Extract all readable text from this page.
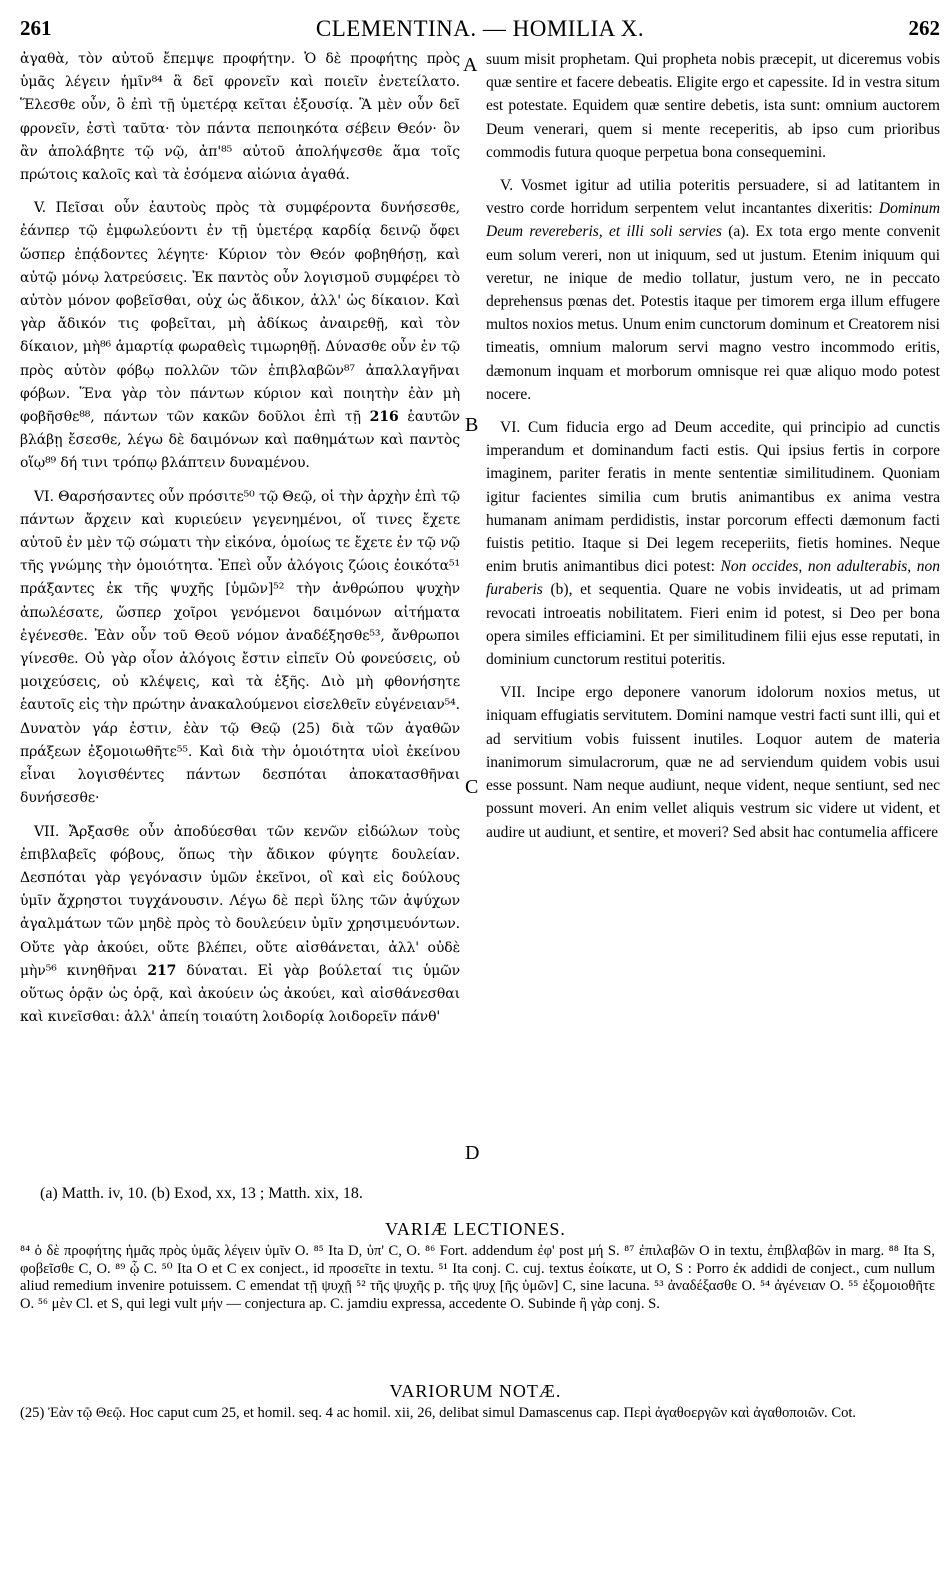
261	CLEMENTINA. — HOMILIA X.	262

ἀγαθὰ, τὸν αὐτοῦ ἔπεμψε προφήτην. Ὁ δὲ προφήτης πρὸς ὑμᾶς λέγειν ἡμῖν⁸⁴ ἃ δεῖ φρονεῖν καὶ ποιεῖν ἐνετείλατο. Ἕλεσθε οὖν, ὃ ἐπὶ τῇ ὑμετέρᾳ κεῖται ἐξουσίᾳ. Ἃ μὲν οὖν δεῖ φρονεῖν, ἐστὶ ταῦτα· τὸν πάντα πεποιηκότα σέβειν Θεόν· ὃν ἂν ἀπολάβητε τῷ νῷ, ἀπ'⁸⁵ αὐτοῦ ἀπολήψεσθε ἅμα τοῖς πρώτοις καλοῖς καὶ τὰ ἐσόμενα αἰώνια ἀγαθά.

V. Πεῖσαι οὖν ἑαυτοὺς πρὸς τὰ συμφέροντα δυνήσεσθε, ἐάνπερ τῷ ἐμφωλεύοντι ἐν τῇ ὑμετέρᾳ καρδίᾳ δεινῷ ὄφει ὥσπερ ἐπᾴδοντες λέγητε· Κύριον τὸν Θεόν φοβηθήσῃ, καὶ αὐτῷ μόνῳ λατρεύσεις. Ἐκ παντὸς οὖν λογισμοῦ συμφέρει τὸ αὐτὸν μόνον φοβεῖσθαι, οὐχ ὡς ἄδικον, ἀλλ' ὡς δίκαιον. Καὶ γὰρ ἄδικόν τις φοβεῖται, μὴ ἀδίκως ἀναιρεθῇ, καὶ τὸν δίκαιον, μὴ⁸⁶ ἁμαρτίᾳ φωραθεὶς τιμωρηθῇ. Δύνασθε οὖν ἐν τῷ πρὸς αὐτὸν φόβῳ πολλῶν τῶν ἐπιβλαβῶν⁸⁷ ἀπαλλαγῆναι φόβων. Ἕνα γὰρ τὸν πάντων κύριον καὶ ποιητὴν ἐὰν μὴ φοβῆσθε⁸⁸, πάντων τῶν κακῶν δοῦλοι ἐπὶ τῇ 216 ἑαυτῶν βλάβῃ ἔσεσθε, λέγω δὲ δαιμόνων καὶ παθημάτων καὶ παντὸς οἵῳ⁸⁹ δή τινι τρόπῳ βλάπτειν δυναμένου.

VI. Θαρσήσαντες οὖν πρόσιτε⁵⁰ τῷ Θεῷ, οἱ τὴν ἀρχὴν ἐπὶ τῷ πάντων ἄρχειν καὶ κυριεύειν γεγενημένοι, οἵ τινες ἔχετε αὐτοῦ ἐν μὲν τῷ σώματι τὴν εἰκόνα, ὁμοίως τε ἔχετε ἐν τῷ νῷ τῆς γνώμης τὴν ὁμοιότητα. Ἐπεὶ οὖν ἀλόγοις ζώοις ἐοικότα⁵¹ πράξαντες ἐκ τῆς ψυχῆς [ὑμῶν]⁵² τὴν ἀνθρώπου ψυχὴν ἀπωλέσατε, ὥσπερ χοῖροι γενόμενοι δαιμόνων αἰτήματα ἐγένεσθε. Ἐὰν οὖν τοῦ Θεοῦ νόμον ἀναδέξησθε⁵³, ἄνθρωποι γίνεσθε. Οὐ γὰρ οἷον ἀλόγοις ἔστιν εἰπεῖν Οὐ φονεύσεις, οὐ μοιχεύσεις, οὐ κλέψεις, καὶ τὰ ἑξῆς. Διὸ μὴ φθονήσητε ἑαυτοῖς εἰς τὴν πρώτην ἀνακαλούμενοι εἰσελθεῖν εὐγένειαν⁵⁴. Δυνατὸν γάρ ἐστιν, ἐὰν τῷ Θεῷ (25) διὰ τῶν ἀγαθῶν πράξεων ἐξομοιωθῆτε⁵⁵. Καὶ διὰ τὴν ὁμοιότητα υἱοὶ ἐκείνου εἶναι λογισθέντες πάντων δεσπόται ἀποκατασθῆναι δυνήσεσθε·

VII. Ἄρξασθε οὖν ἀποδύεσθαι τῶν κενῶν εἰδώλων τοὺς ἐπιβλαβεῖς φόβους, ὅπως τὴν ἄδικον φύγητε δουλείαν. Δεσπόται γὰρ γεγόνασιν ὑμῶν ἐκεῖνοι, οἳ καὶ εἰς δούλους ὑμῖν ἄχρηστοι τυγχάνουσιν. Λέγω δὲ περὶ ὕλης τῶν ἀψύχων ἀγαλμάτων τῶν μηδὲ πρὸς τὸ δουλεύειν ὑμῖν χρησιμευόντων. Οὔτε γὰρ ἀκούει, οὔτε βλέπει, οὔτε αἰσθάνεται, ἀλλ' οὐδὲ μὴν⁵⁶ κινηθῆναι 217 δύναται. Εἰ γὰρ βούλεταί τις ὑμῶν οὕτως ὁρᾷν ὡς ὁρᾷ, καὶ ἀκούειν ὡς ἀκούει, καὶ αἰσθάνεσθαι καὶ κινεῖσθαι: ἀλλ' ἀπείη τοιαύτη λοιδορίᾳ λοιδορεῖν πάνθ'

A
B
C
D

suum misit prophetam. Qui propheta nobis præcepit, ut diceremus vobis quæ sentire et facere debeatis. Eligite ergo et capessite. Id in vestra situm est potestate. Equidem quæ sentire debetis, ista sunt: omnium auctorem Deum venerari, quem si mente receperitis, ab ipso cum prioribus commodis futura quoque perpetua bona consequemini.

V. Vosmet igitur ad utilia poteritis persuadere, si ad latitantem in vestro corde horridum serpentem velut incantantes dixeritis: Dominum Deum revereberis, et illi soli servies (a). Ex tota ergo mente convenit eum solum vereri, non ut iniquum, sed ut justum. Etenim iniquum qui veretur, ne inique de medio tollatur, justum vero, ne in peccato deprehensus pœnas det. Potestis itaque per timorem erga illum effugere multos noxios metus. Unum enim cunctorum dominum et Creatorem nisi timeatis, omnium malorum servi magno vestro incommodo eritis, dæmonum inquam et morborum omnisque rei quæ aliquo modo potest nocere.

VI. Cum fiducia ergo ad Deum accedite, qui principio ad cunctis imperandum et dominandum facti estis. Qui ipsius fertis in corpore imaginem, pariter feratis in mente sententiæ similitudinem. Quoniam igitur facientes similia cum brutis animantibus ex anima vestra humanam animam perdidistis, instar porcorum effecti dæmonum facti fuistis petitio. Itaque si Dei legem receperiits, fietis homines. Neque enim brutis animantibus dici potest: Non occides, non adulterabis, non furaberis (b), et sequentia. Quare ne vobis invideatis, ut ad primam revocati introeatis nobilitatem. Fieri enim id potest, si Deo per bona opera similes efficiamini. Et per similitudinem filii ejus esse reputati, in dominium cunctorum restitui poteritis.

VII. Incipe ergo deponere vanorum idolorum noxios metus, ut iniquam effugiatis servitutem. Domini namque vestri facti sunt illi, qui et ad servitium vobis fuissent inutiles. Loquor autem de materia inanimorum simulacrorum, quæ ne ad serviendum quidem vobis usui esse possunt. Nam neque audiunt, neque vident, neque sentiunt, sed nec possunt moveri. An enim vellet aliquis vestrum sic videre ut vident, et audire ut audiunt, et sentire, et moveri? Sed absit hac contumelia afficere

(a) Matth. iv, 10. (b) Exod, xx, 13 ; Matth. xix, 18.
VARIÆ LECTIONES.
⁸⁴ ὁ δὲ προφήτης ἡμᾶς πρὸς ὑμᾶς λέγειν ὑμῖν O. ⁸⁵ Ita D, ὑπ' C, O. ⁸⁶ Fort. addendum ἐφ' post μή S. ⁸⁷ ἐπιλαβῶν O in textu, ἐπιβλαβῶν in marg. ⁸⁸ Ita S, φοβεῖσθε C, O. ⁸⁹ ᾧ C. ⁵⁰ Ita O et C ex conject., id προσεῖτε in textu. ⁵¹ Ita conj. C. cuj. textus ἐοίκατε, ut O, S : Porro ἐκ addidi de conject., cum nullum aliud remedium invenire potuissem. C emendat τῇ ψυχῇ ⁵² τῆς ψυχῆς p. τῆς ψυχ [ῆς ὑμῶν] C, sine lacuna. ⁵³ ἀναδέξασθε O. ⁵⁴ ἀγένειαν O. ⁵⁵ ἐξομοιοθῆτε O. ⁵⁶ μὲν Cl. et S, qui legi vult μήν — conjectura ap. C. jamdiu expressa, accedente O. Subinde ἢ γὰρ conj. S.
VARIORUM NOTÆ.
(25) Ἐὰν τῷ Θεῷ. Hoc caput cum 25, et homil. seq. 4 ac homil. xii, 26, delibat simul Damascenus cap. Περὶ ἀγαθοεργῶν καὶ ἀγαθοποιῶν. Cot.
